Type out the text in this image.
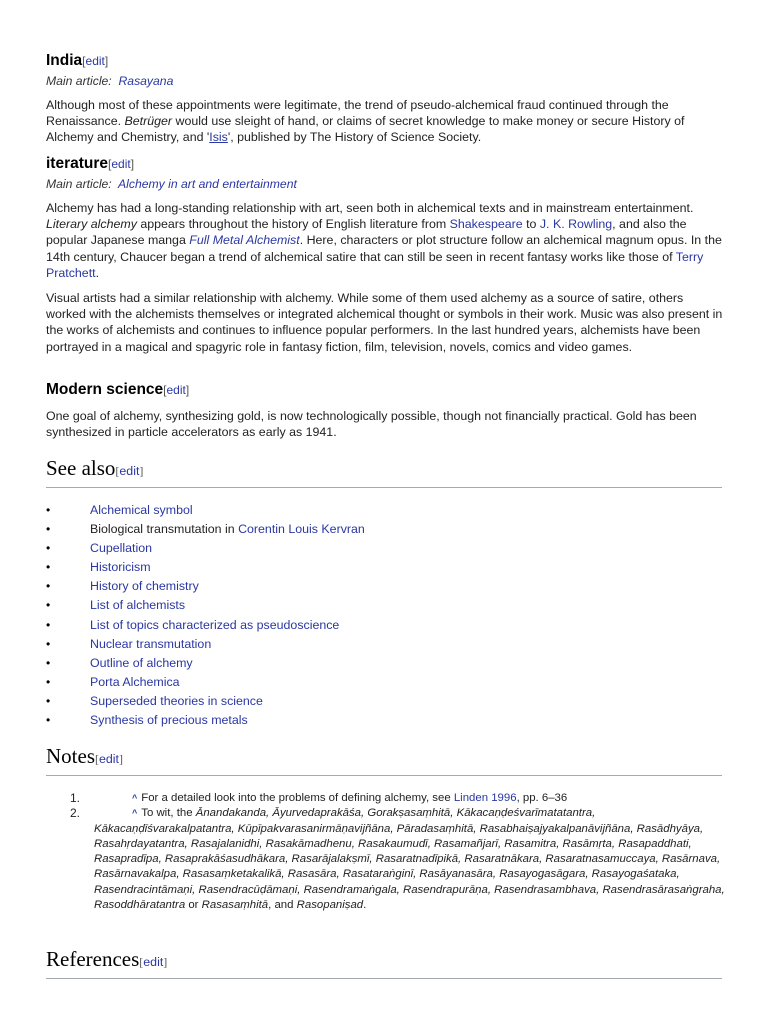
India[edit]
Main article: Rasayana

Although most of these appointments were legitimate, the trend of pseudo-alchemical fraud continued through the Renaissance. Betrüger would use sleight of hand, or claims of secret knowledge to make money or secure History of Alchemy and Chemistry, and 'Isis', published by The History of Science Society.

iterature[edit]
Main article: Alchemy in art and entertainment

Alchemy has had a long-standing relationship with art, seen both in alchemical texts and in mainstream entertainment. Literary alchemy appears throughout the history of English literature from Shakespeare to J. K. Rowling, and also the popular Japanese manga Full Metal Alchemist. Here, characters or plot structure follow an alchemical magnum opus. In the 14th century, Chaucer began a trend of alchemical satire that can still be seen in recent fantasy works like those of Terry Pratchett.

Visual artists had a similar relationship with alchemy. While some of them used alchemy as a source of satire, others worked with the alchemists themselves or integrated alchemical thought or symbols in their work. Music was also present in the works of alchemists and continues to influence popular performers. In the last hundred years, alchemists have been portrayed in a magical and spagyric role in fantasy fiction, film, television, novels, comics and video games.

Modern science[edit]

One goal of alchemy, synthesizing gold, is now technologically possible, though not financially practical. Gold has been synthesized in particle accelerators as early as 1941.

See also[edit]
•	Alchemical symbol
•	Biological transmutation in Corentin Louis Kervran
•	Cupellation
•	Historicism
•	History of chemistry
•	List of alchemists
•	List of topics characterized as pseudoscience
•	Nuclear transmutation
•	Outline of alchemy
•	Porta Alchemica
•	Superseded theories in science
•	Synthesis of precious metals
Notes[edit]
1.	^ For a detailed look into the problems of defining alchemy, see Linden 1996, pp. 6–36
2.	^ To wit, the Ānandakanda, Āyurvedaprakāśa, Gorakṣasaṃhitā, Kākacaṇḍeśvarīmatatantra, Kākacaṇḍīśvarakalpatantra, Kūpīpakvarasanirmāṇavijñāna, Pāradasaṃhitā, Rasabhaiṣajyakalpanāvijñāna, Rasādhyāya, Rasahṛdayatantra, Rasajalanidhi, Rasakāmadhenu, Rasakaumudī, Rasamañjarī, Rasamitra, Rasāmṛta, Rasapaddhati, Rasapradīpa, Rasaprakāśasudhākara, Rasarājalakṣmī, Rasaratnadīpikā, Rasaratnākara, Rasaratnasamuccaya, Rasārnava, Rasārnavakalpa, Rasasaṃketakalikā, Rasasāra, Rasataraṅginī, Rasāyanasāra, Rasayogasāgara, Rasayogaśataka, Rasendracintāmaṇi, Rasendracūḍāmaṇi, Rasendramaṅgala, Rasendrapurāṇa, Rasendrasambhava, Rasendrasārasaṅgraha, Rasoddhāratantra or Rasasaṃhitā, and Rasopaniṣad.
References[edit]
